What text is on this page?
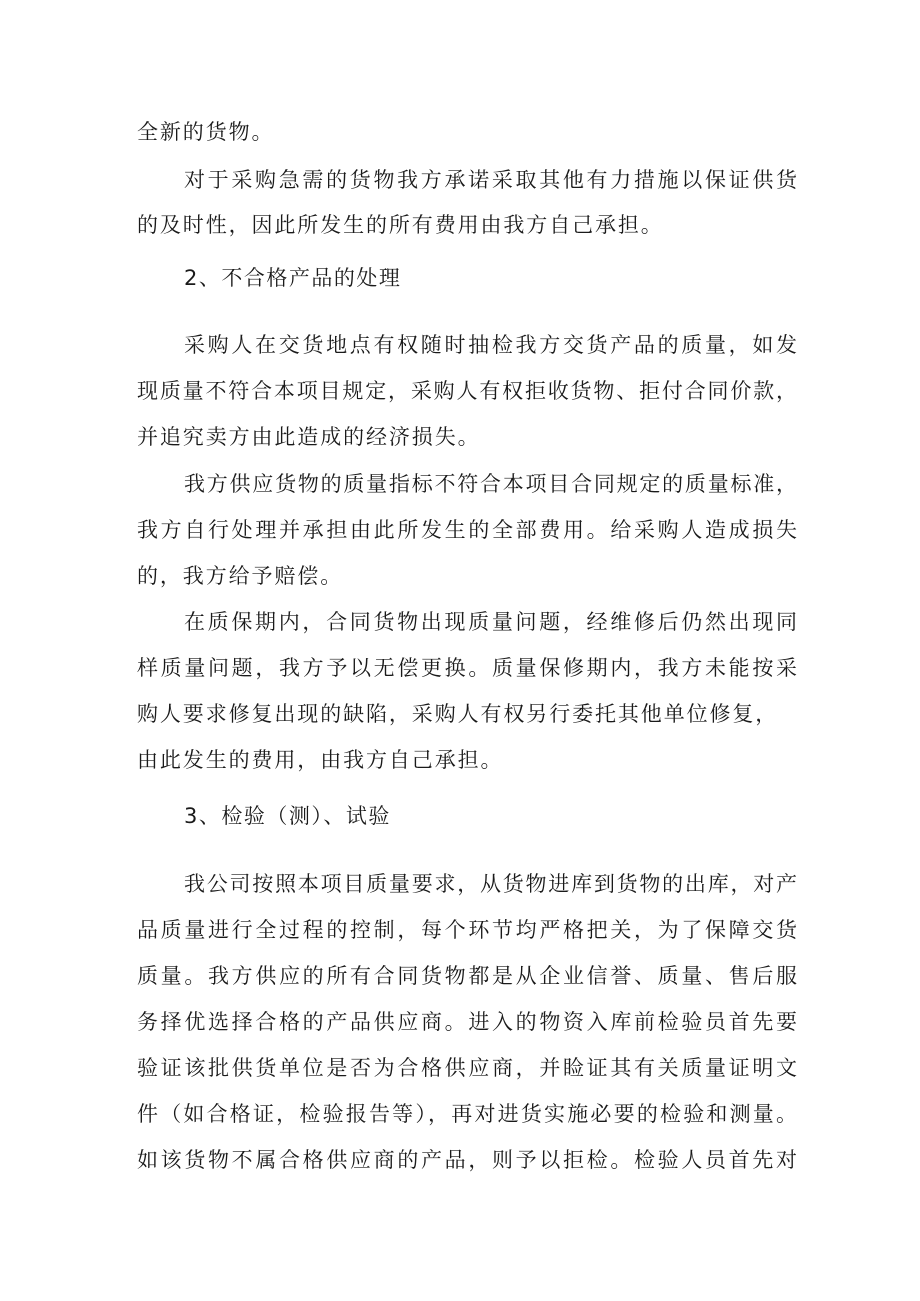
全新的货物。
对于采购急需的货物我方承诺采取其他有力措施以保证供货
的及时性，因此所发生的所有费用由我方自己承担。
2、不合格产品的处理
采购人在交货地点有权随时抽检我方交货产品的质量，如发
现质量不符合本项目规定，采购人有权拒收货物、拒付合同价款，
并追究卖方由此造成的经济损失。
我方供应货物的质量指标不符合本项目合同规定的质量标准，
我方自行处理并承担由此所发生的全部费用。给采购人造成损失
的，我方给予赔偿。
在质保期内，合同货物出现质量问题，经维修后仍然出现同
样质量问题，我方予以无偿更换。质量保修期内，我方未能按采
购人要求修复出现的缺陷，采购人有权另行委托其他单位修复，
由此发生的费用，由我方自己承担。
3、检验（测）、试验
我公司按照本项目质量要求，从货物进库到货物的出库，对产
品质量进行全过程的控制，每个环节均严格把关，为了保障交货
质量。我方供应的所有合同货物都是从企业信誉、质量、售后服
务择优选择合格的产品供应商。进入的物资入库前检验员首先要
验证该批供货单位是否为合格供应商，并睑证其有关质量证明文
件（如合格证，检验报告等），再对进货实施必要的检验和测量。
如该货物不属合格供应商的产品，则予以拒检。检验人员首先对
